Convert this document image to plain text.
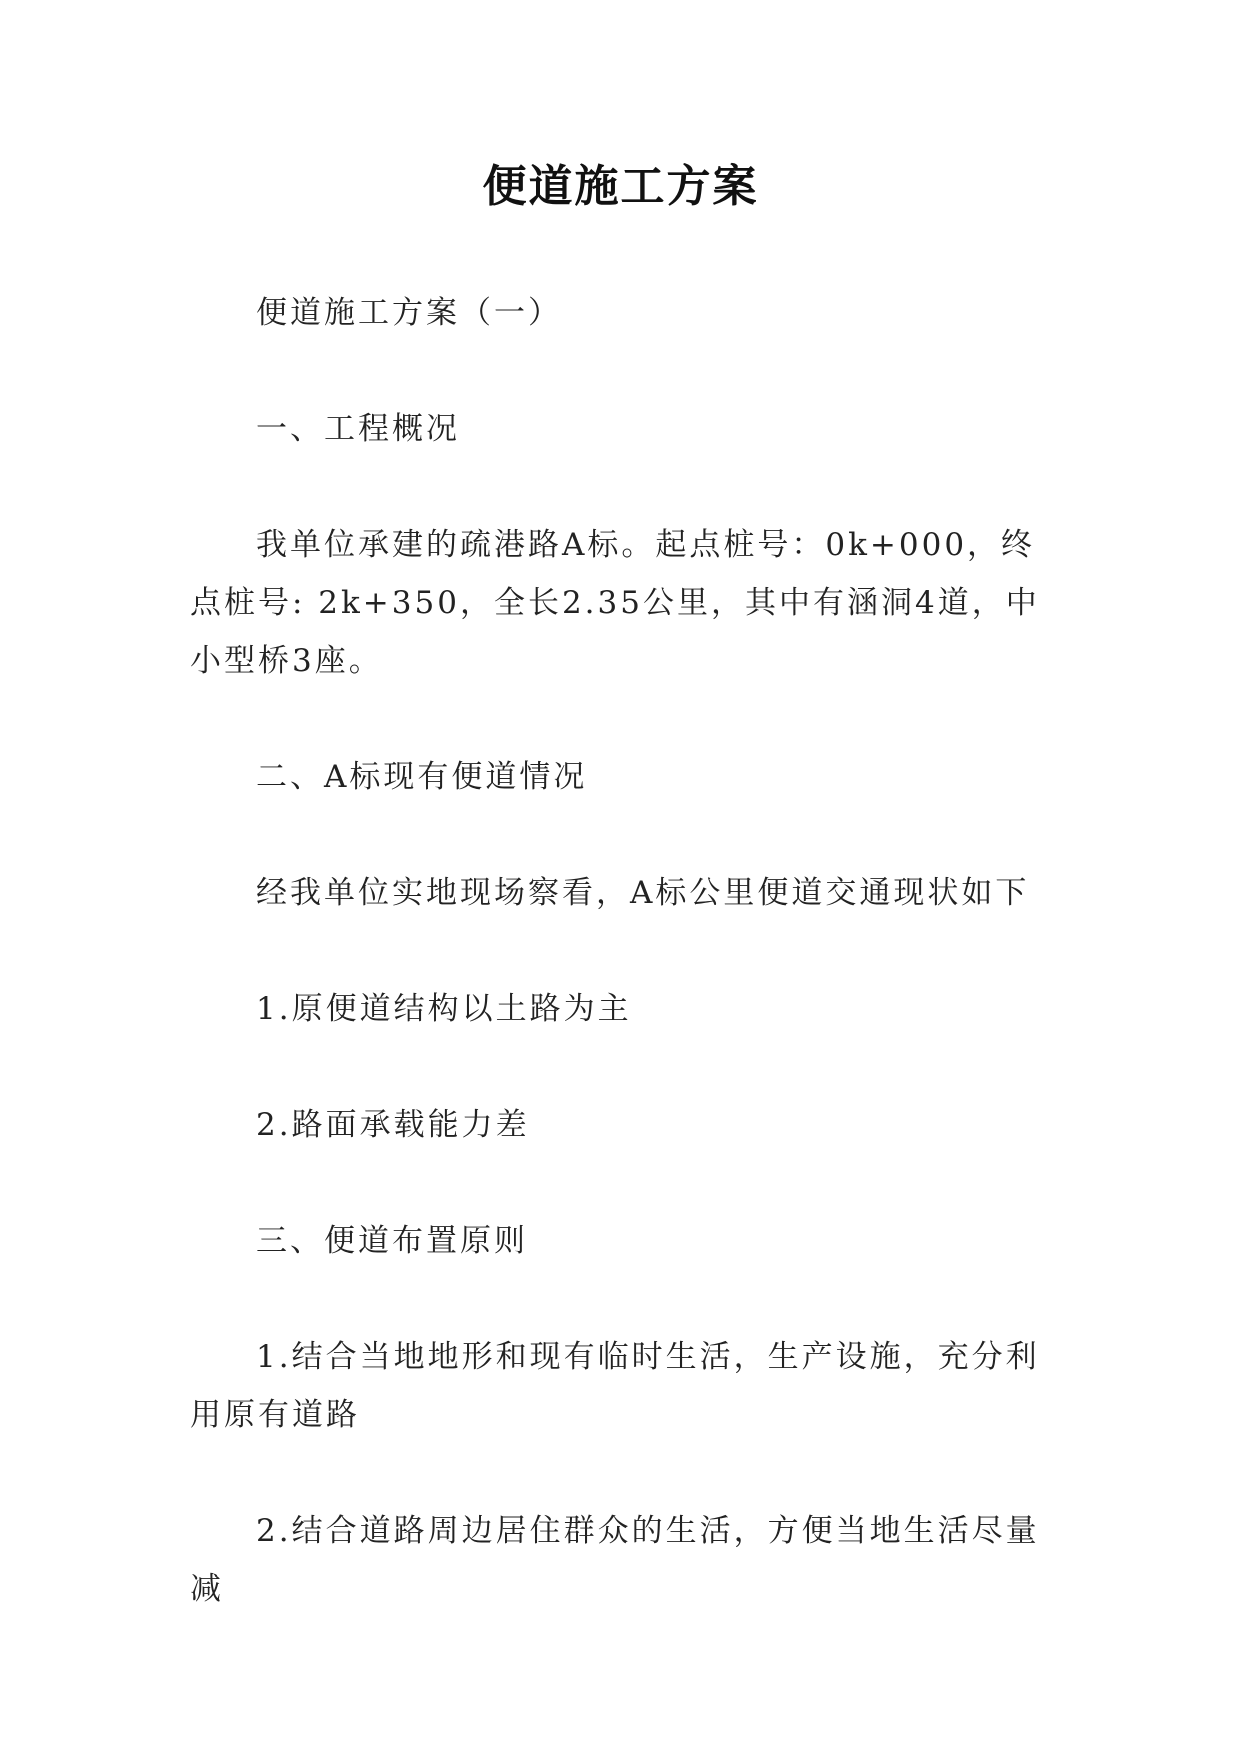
便道施工方案

便道施工方案（一）

一、工程概况

我单位承建的疏港路A标。起点桩号：0k+000，终点桩号: 2k+350，全长2.35公里，其中有涵洞4道，中小型桥3座。

二、A标现有便道情况

经我单位实地现场察看，A标公里便道交通现状如下

1.原便道结构以土路为主

2.路面承载能力差

三、便道布置原则

1.结合当地地形和现有临时生活，生产设施，充分利用原有道路

2.结合道路周边居住群众的生活，方便当地生活尽量减
